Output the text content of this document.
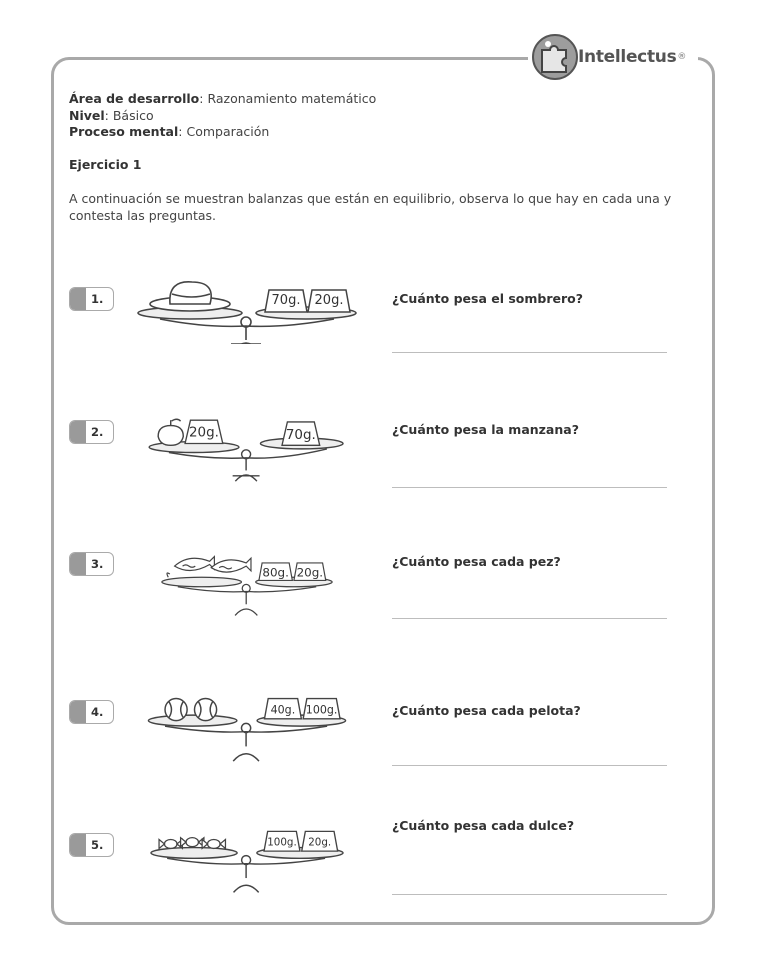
Intellectus ®
Área de desarrollo: Razonamiento matemático
Nivel: Básico
Proceso mental: Comparación
Ejercicio 1
A continuación se muestran balanzas que están en equilibrio, observa lo que hay en cada una y contesta las preguntas.
1.	70g. 20g.	¿Cuánto pesa el sombrero?
2.	20g.	70g.	¿Cuánto pesa la manzana?
3.
80g. 20g.
¿Cuánto pesa cada pez?
4.	40g. 100g.	¿Cuánto pesa cada pelota?
5.	100g. 20g.
¿Cuánto pesa cada dulce?
